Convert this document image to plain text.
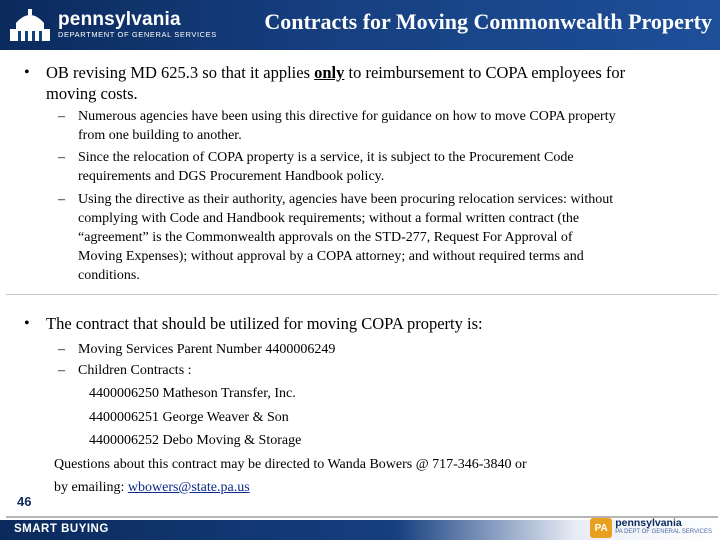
pennsylvania
DEPARTMENT OF GENERAL SERVICES
Contracts for Moving Commonwealth Property
• OB revising MD 625.3 so that it applies only to reimbursement to COPA employees for
moving costs.
– Numerous agencies have been using this directive for guidance on how to move COPA property
from one building to another.
– Since the relocation of COPA property is a service, it is subject to the Procurement Code
requirements and DGS Procurement Handbook policy.
– Using the directive as their authority, agencies have been procuring relocation services: without
complying with Code and Handbook requirements; without a formal written contract (the
“agreement” is the Commonwealth approvals on the STD-277, Request For Approval of
Moving Expenses); without approval by a COPA attorney; and without required terms and
conditions.
• The contract that should be utilized for moving COPA property is:
– Moving Services Parent Number 4400006249
– Children Contracts :
4400006250 Matheson Transfer, Inc.
4400006251 George Weaver & Son
4400006252 Debo Moving & Storage
Questions about this contract may be directed to Wanda Bowers @ 717-346-3840 or
by emailing: wbowers@state.pa.us
46
SMART BUYING	PA pennsylvania
PA DEPT OF GENERAL SERVICES
